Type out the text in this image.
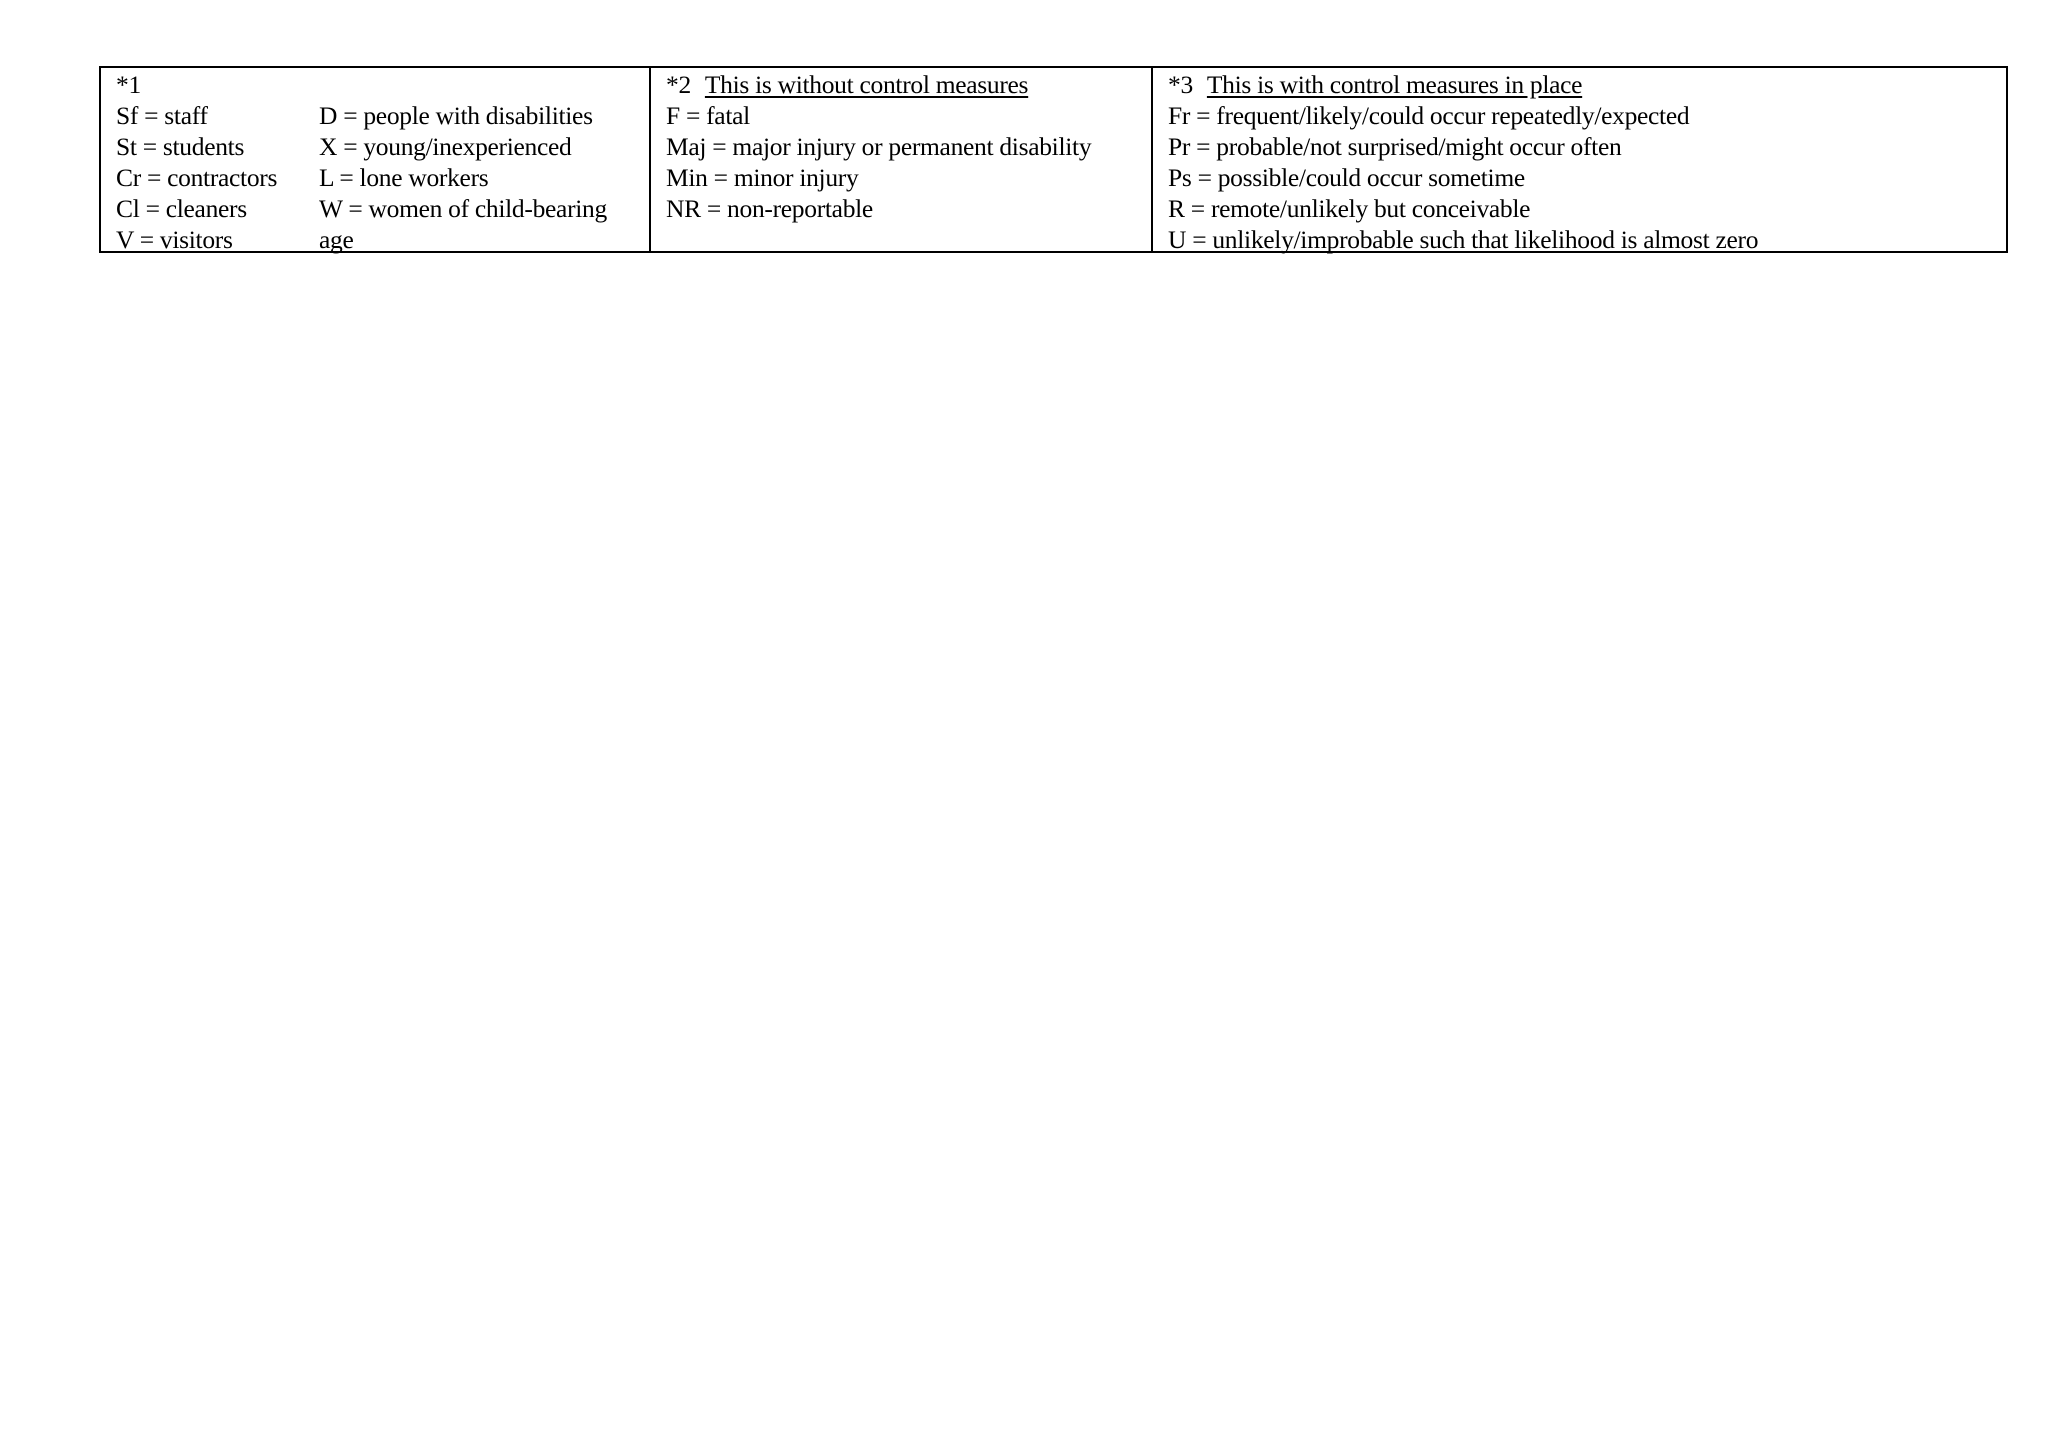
*1
Sf = staff	D = people with disabilities
St = students	X = young/inexperienced
Cr = contractors	L = lone workers
Cl = cleaners	W = women of child-bearing
V = visitors	age
*2 This is without control measures
F = fatal
Maj = major injury or permanent disability
Min = minor injury
NR = non-reportable
*3 This is with control measures in place
Fr = frequent/likely/could occur repeatedly/expected
Pr = probable/not surprised/might occur often
Ps = possible/could occur sometime
R = remote/unlikely but conceivable
U = unlikely/improbable such that likelihood is almost zero
